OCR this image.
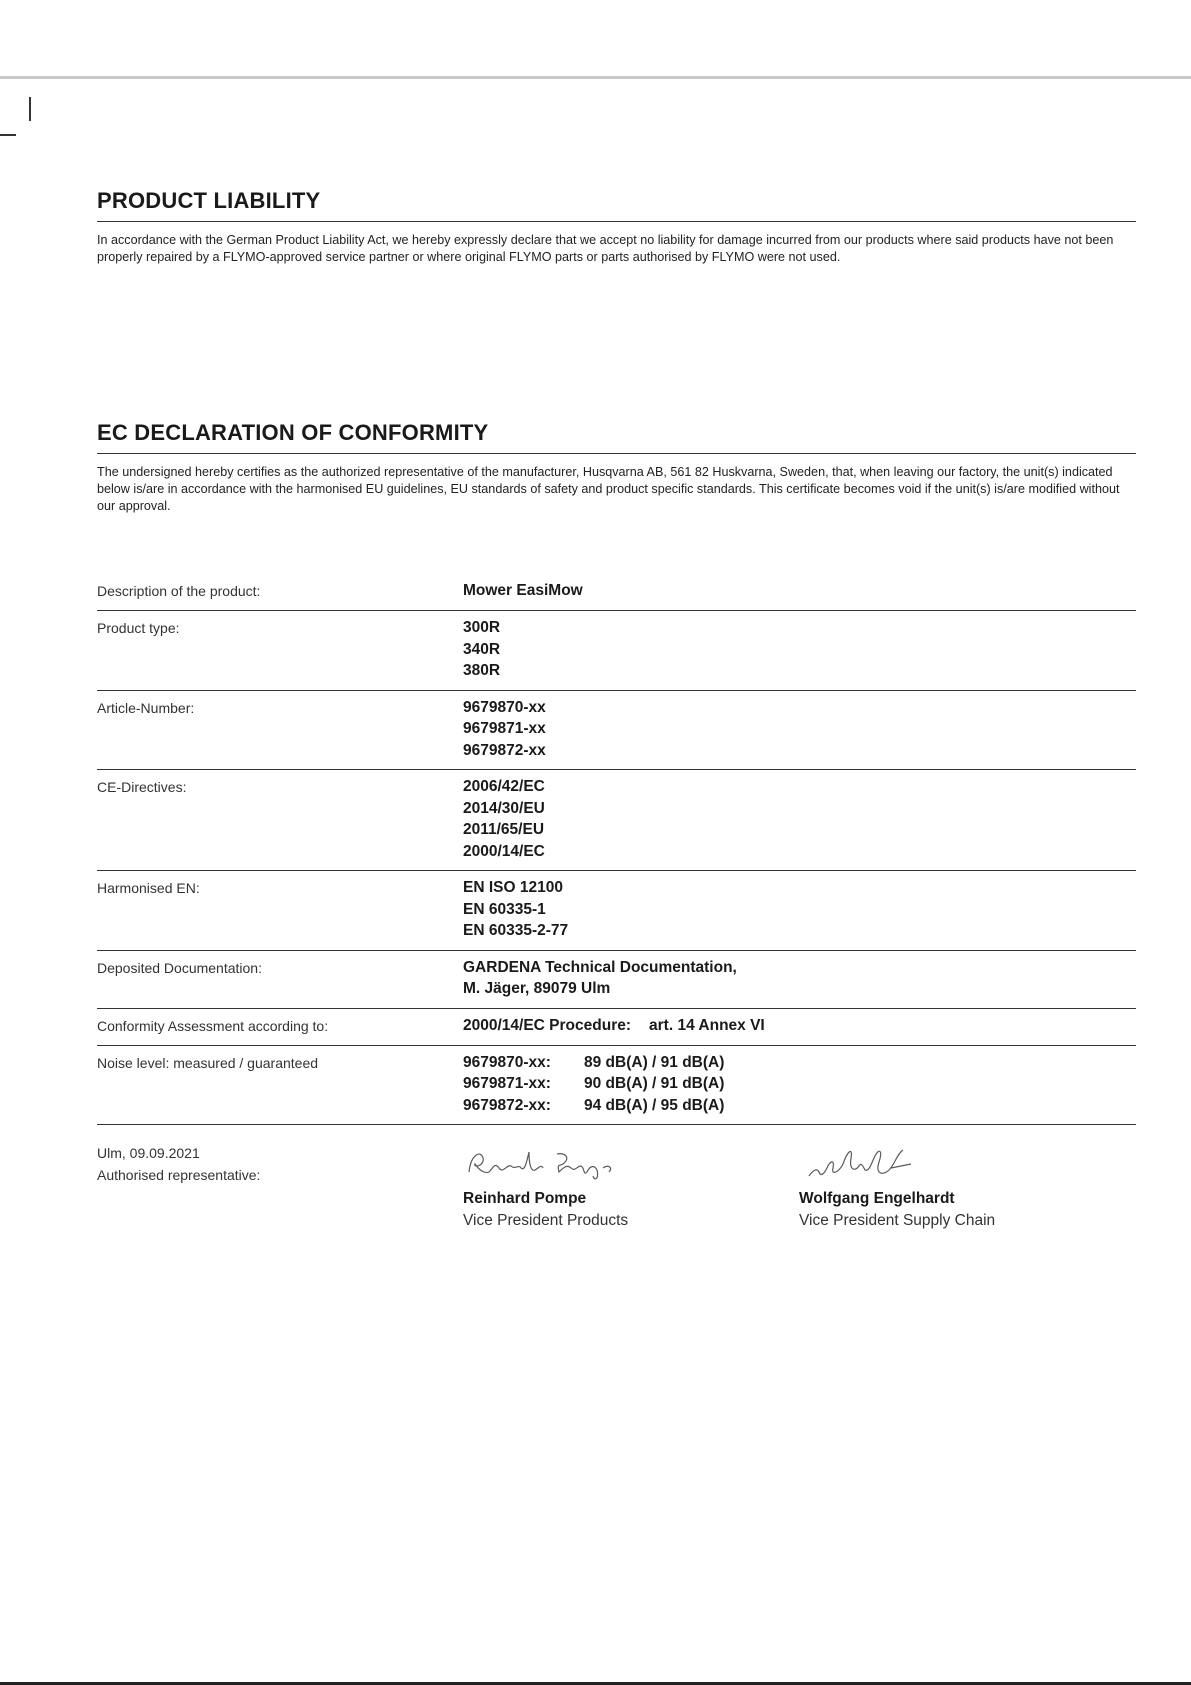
PRODUCT LIABILITY

In accordance with the German Product Liability Act, we hereby expressly declare that we accept no liability for damage incurred from our products where said products have not been properly repaired by a FLYMO-approved service partner or where original FLYMO parts or parts authorised by FLYMO were not used.

EC DECLARATION OF CONFORMITY

The undersigned hereby certifies as the authorized representative of the manufacturer, Husqvarna AB, 561 82 Huskvarna, Sweden, that, when leaving our factory, the unit(s) indicated below is/are in accordance with the harmonised EU guidelines, EU standards of safety and product specific standards. This certificate becomes void if the unit(s) is/are modified without our approval.

Description of the product:	Mower EasiMow
Product type:	300R
340R
380R
Article-Number:	9679870-xx
9679871-xx
9679872-xx
CE-Directives:	2006/42/EC
2014/30/EU
2011/65/EU
2000/14/EC
Harmonised EN:	EN ISO 12100
EN 60335-1
EN 60335-2-77
Deposited Documentation:	GARDENA Technical Documentation,
M. Jäger, 89079 Ulm
Conformity Assessment according to:	2000/14/EC Procedure: art. 14 Annex VI
Noise level: measured / guaranteed	9679870-xx: 89 dB(A) / 91 dB(A)
9679871-xx: 90 dB(A) / 91 dB(A)
9679872-xx: 94 dB(A) / 95 dB(A)
Ulm, 09.09.2021
Authorised representative:
Reinhard Pompe
Vice President Products
Wolfgang Engelhardt
Vice President Supply Chain
